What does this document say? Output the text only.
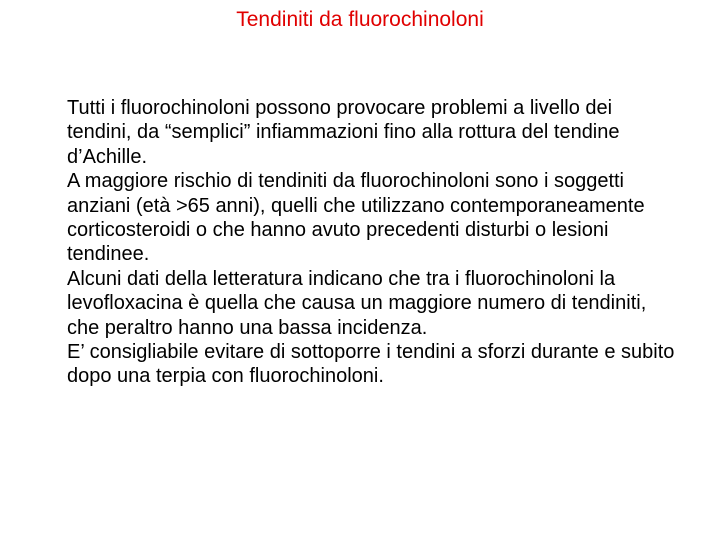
Tendiniti da fluorochinoloni

Tutti i fluorochinoloni possono provocare problemi a livello dei tendini, da “semplici” infiammazioni fino alla rottura del tendine d’Achille.

A maggiore rischio di tendiniti da fluorochinoloni sono i soggetti anziani (età >65 anni), quelli che utilizzano contemporaneamente corticosteroidi o che hanno avuto precedenti disturbi o lesioni tendinee.

Alcuni dati della letteratura indicano che tra i fluorochinoloni la levofloxacina è quella che causa un maggiore numero di tendiniti, che peraltro hanno una bassa incidenza.

E’ consigliabile evitare di sottoporre i tendini a sforzi durante e subito dopo una terpia con fluorochinoloni.
